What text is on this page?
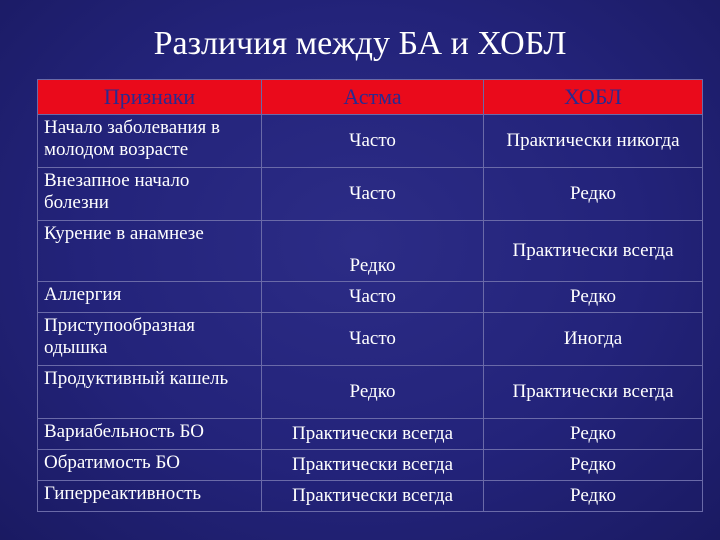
Различия между БА и ХОБЛ
Признаки	Астма	ХОБЛ
Начало заболевания в молодом возрасте	Часто	Практически никогда
Внезапное начало болезни	Часто	Редко
Курение в анамнезе	Редко	Практически всегда
Аллергия	Часто	Редко
Приступообразная одышка	Часто	Иногда
Продуктивный кашель	Редко	Практически всегда
Вариабельность БО	Практически всегда	Редко
Обратимость БО	Практически всегда	Редко
Гиперреактивность	Практически всегда	Редко
